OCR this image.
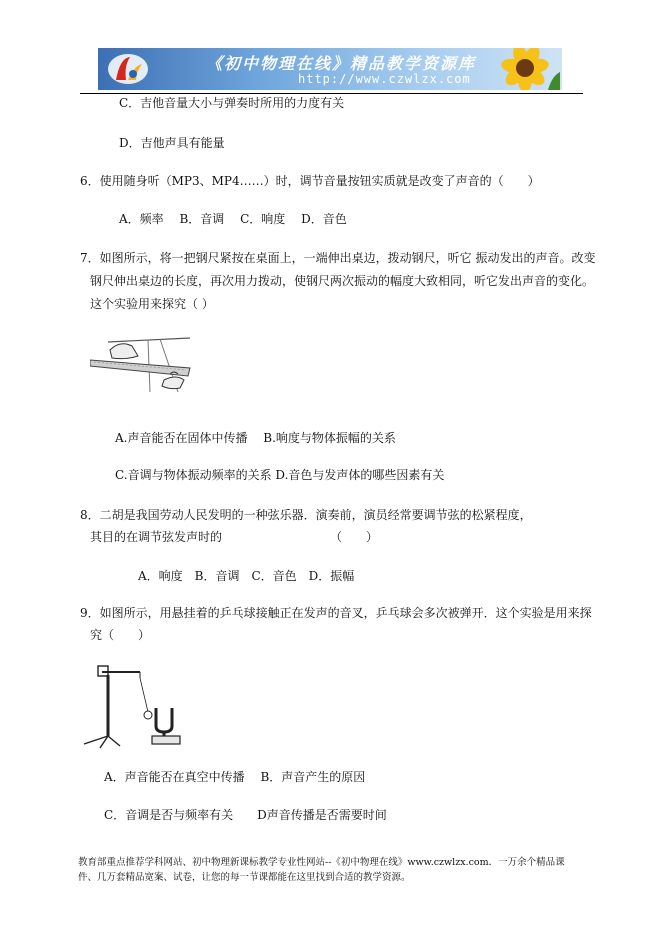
《初中物理在线》精品教学资源库
http://www.czwlzx.com
C．吉他音量大小与弹奏时所用的力度有关
D．吉他声具有能量
6．使用随身听（MP3、MP4……）时，调节音量按钮实质就是改变了声音的（　　）
A．频率　 B．音调　 C．响度　 D．音色
7．如图所示，将一把钢尺紧按在桌面上，一端伸出桌边，拨动钢尺，听它 振动发出的声音。改变
钢尺伸出桌边的长度，再次用力拨动，使钢尺两次振动的幅度大致相同，听它发出声音的变化。
这个实验用来探究（ ）
A.声音能否在固体中传播　 B.响度与物体振幅的关系
C.音调与物体振动频率的关系 D.音色与发声体的哪些因素有关
8．二胡是我国劳动人民发明的一种弦乐器．演奏前，演员经常要调节弦的松紧程度，
其目的在调节弦发声时的	（　　）
A．响度　B．音调　C．音色　D．振幅
9．如图所示，用悬挂着的乒乓球接触正在发声的音叉，乒乓球会多次被弹开．这个实验是用来探
究（　　）
A．声音能否在真空中传播　 B．声音产生的原因
C．音调是否与频率有关　　D声音传播是否需要时间
教育部重点推荐学科网站、初中物理新课标教学专业性网站--《初中物理在线》www.czwlzx.com．一万余个精品课
件、几万套精品宽案、试卷，让您的每一节课都能在这里找到合适的教学资源。
